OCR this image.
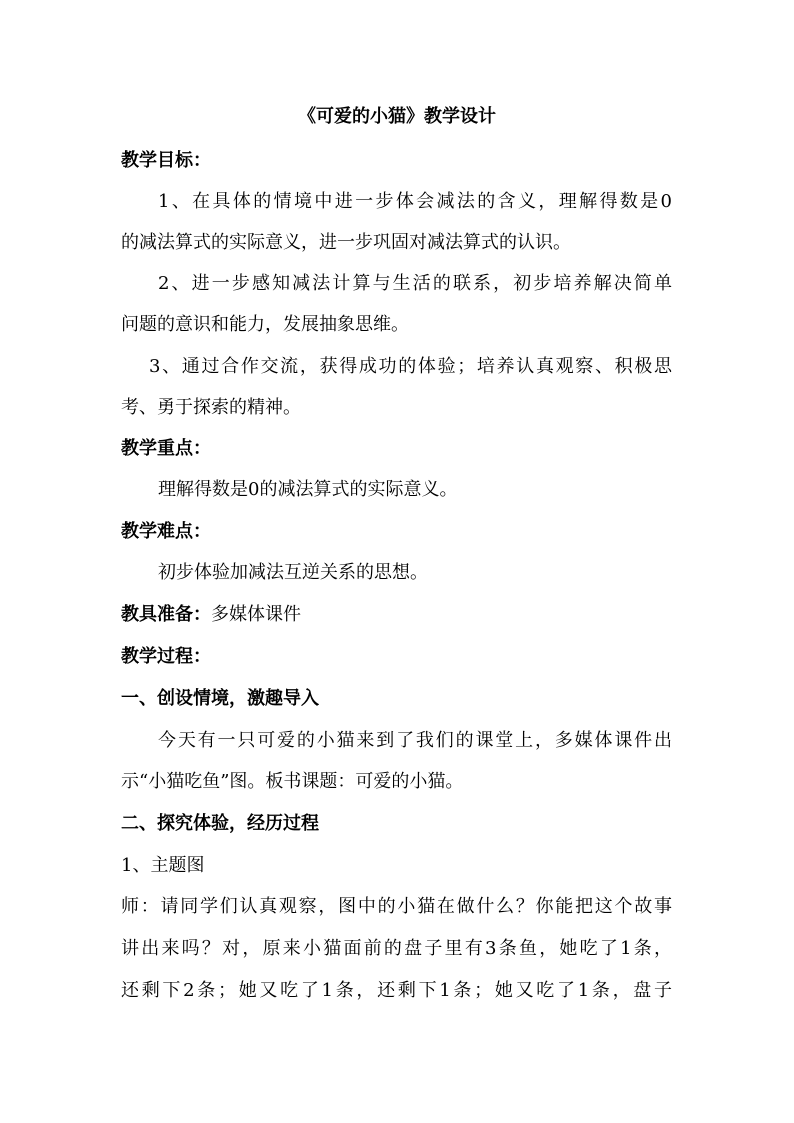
《可爱的小猫》教学设计
教学目标：
1、在具体的情境中进一步体会减法的含义，理解得数是0
的减法算式的实际意义，进一步巩固对减法算式的认识。
2、进一步感知减法计算与生活的联系，初步培养解决简单
问题的意识和能力，发展抽象思维。
3、通过合作交流，获得成功的体验；培养认真观察、积极思
考、勇于探索的精神。
教学重点：
理解得数是0的减法算式的实际意义。
教学难点：
初步体验加减法互逆关系的思想。
教具准备：多媒体课件
教学过程：
一、创设情境，激趣导入
今天有一只可爱的小猫来到了我们的课堂上，多媒体课件出
示“小猫吃鱼”图。板书课题：可爱的小猫。
二、探究体验，经历过程
1、主题图
师：请同学们认真观察，图中的小猫在做什么？你能把这个故事
讲出来吗？对，原来小猫面前的盘子里有3条鱼，她吃了1条，
还剩下2条；她又吃了1条，还剩下1条；她又吃了1条，盘子
